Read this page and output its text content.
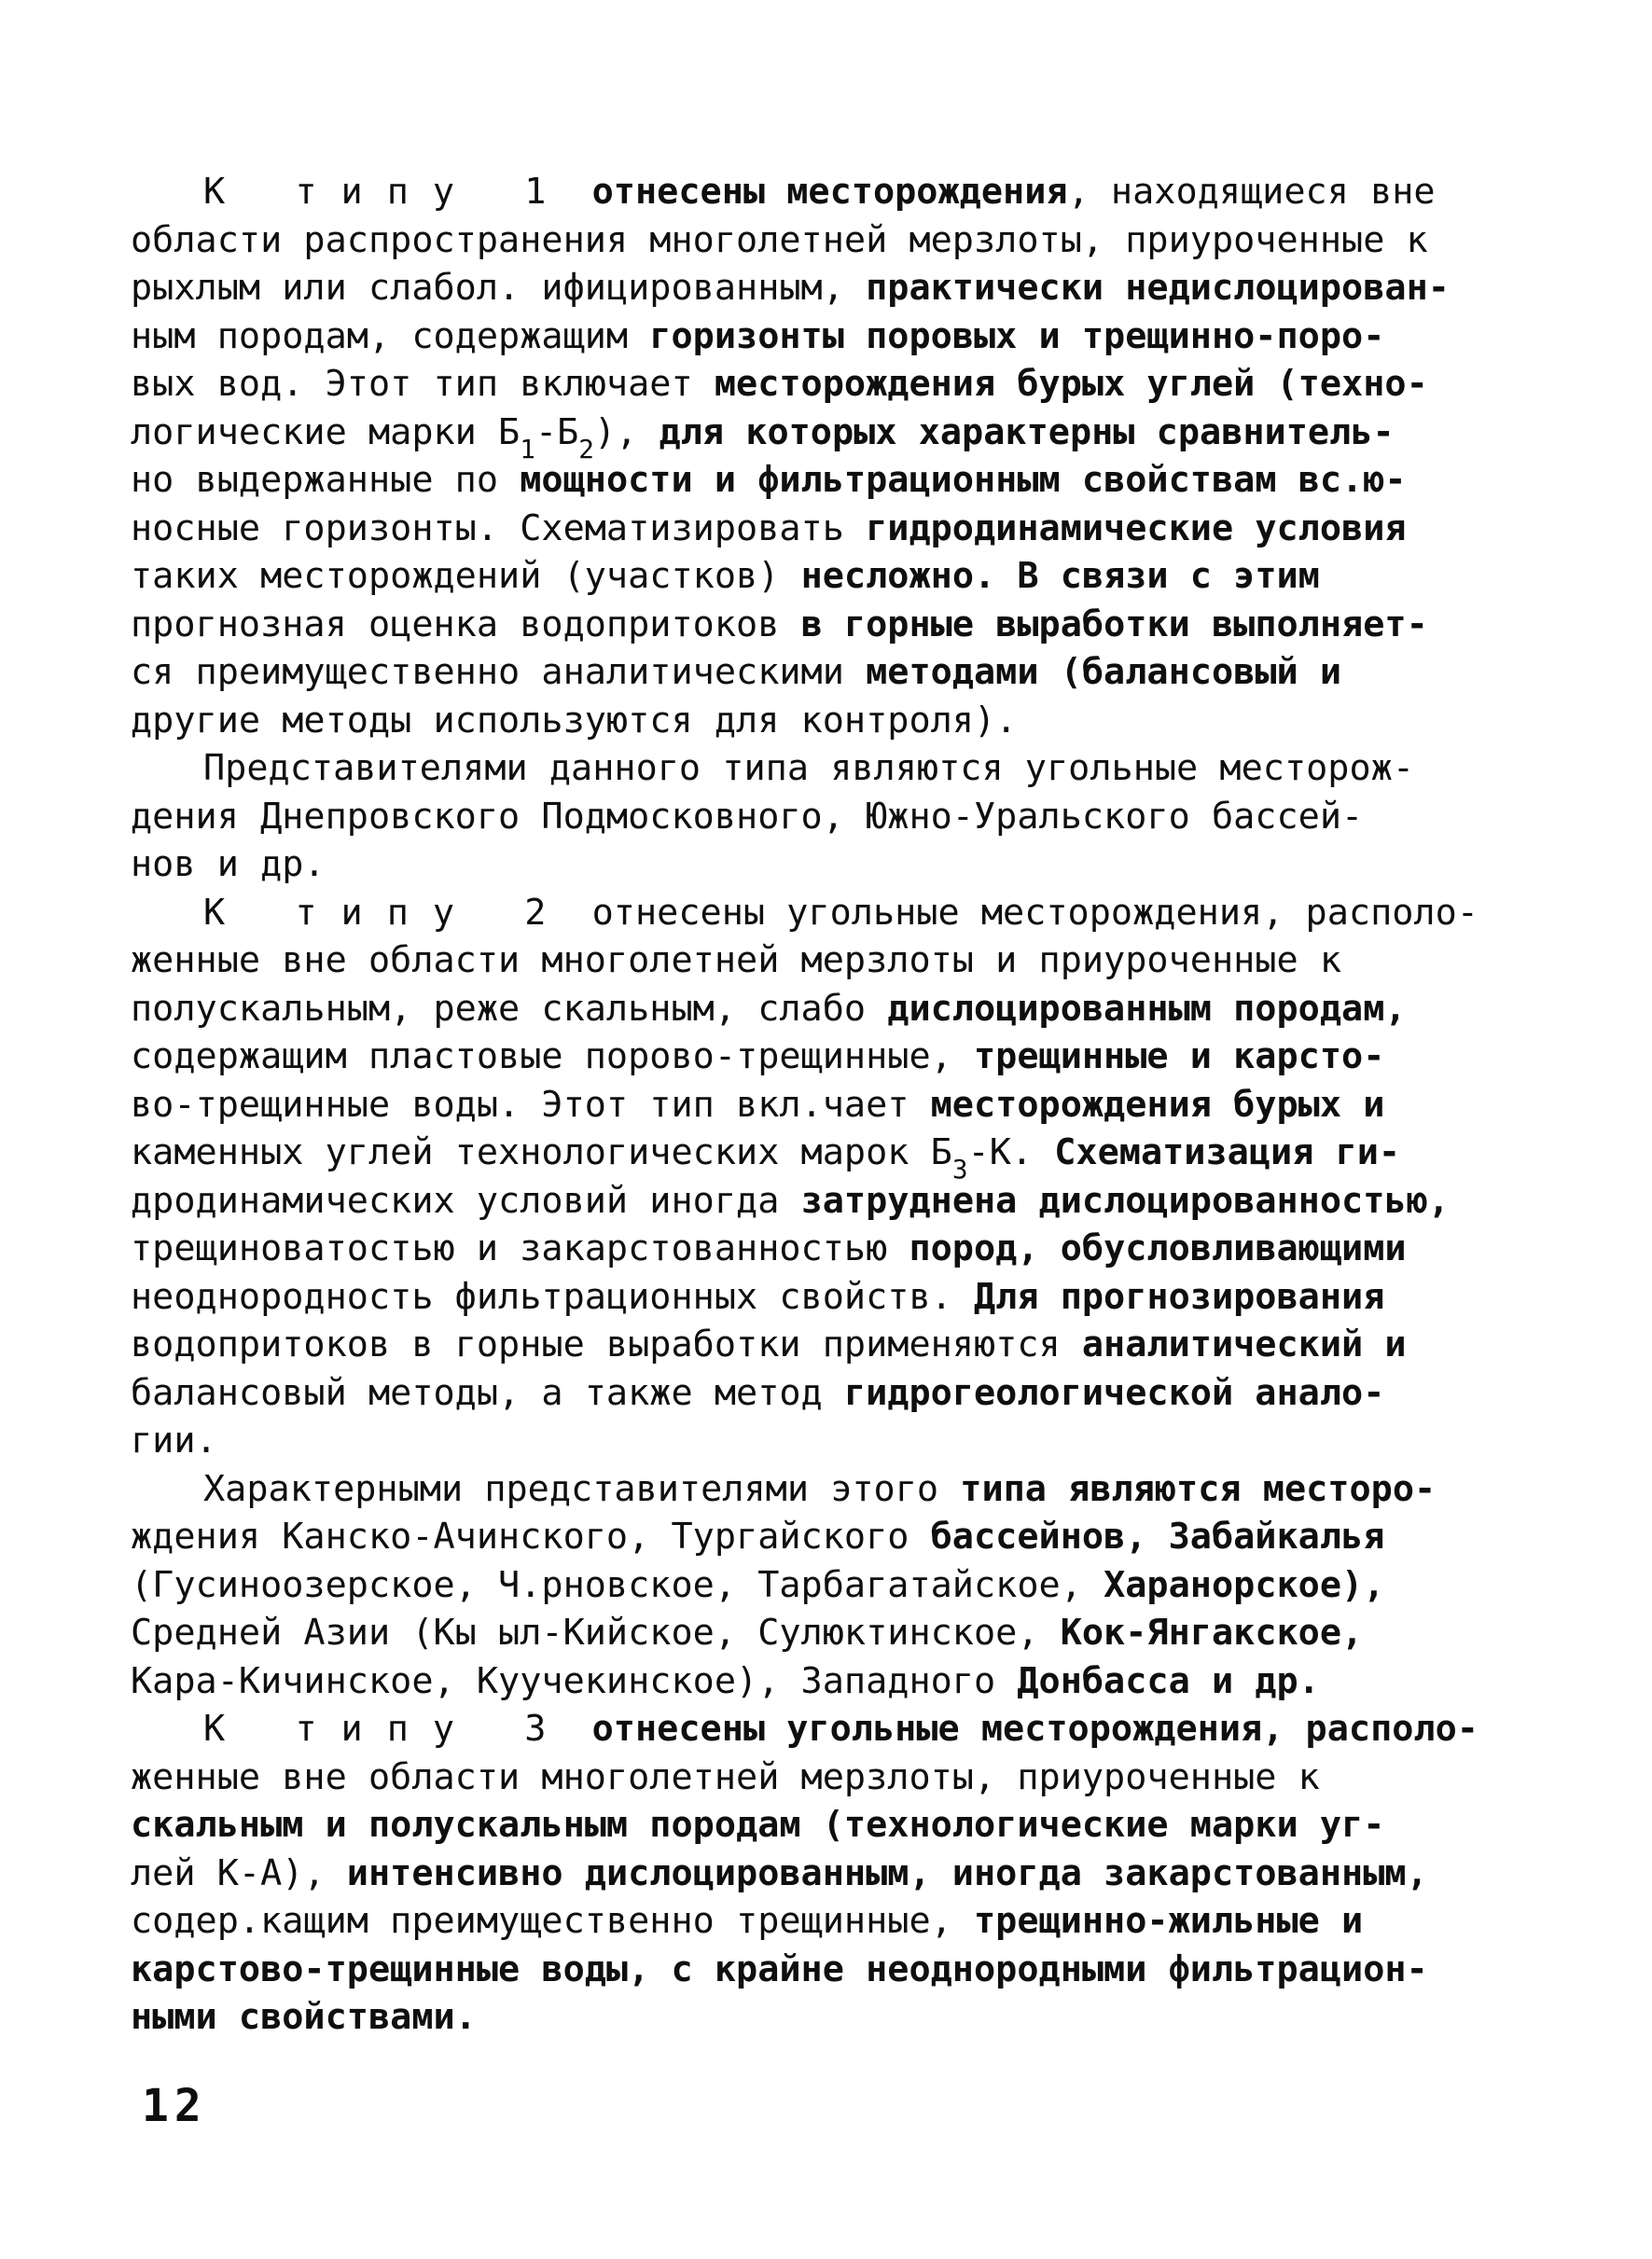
К типу 1 отнесены месторождения, находящиеся вне
области распространения многолетней мерзлоты, приуроченные к
рыхлым или слабол. ифицированным, практически недислоцирован-
ным породам, содержащим горизонты поровых и трещинно-поро-
вых вод. Этот тип включает месторождения бурых углей (техно-
логические марки $Б_1-Б_2$), для которых характерны сравнитель-
но выдержанные по мощности и фильтрационным свойствам вс.ю-
носные горизонты. Схематизировать гидродинамические условия
таких месторождений (участков) несложно. В связи с этим
прогнозная оценка водопритоков в горные выработки выполняет-
ся преимущественно аналитическими методами (балансовый и
другие методы используются для контроля).
Представителями данного типа являются угольные месторож-
дения Днепровского Подмосковного, Южно-Уральского бассей-
нов и др.
К типу 2 отнесены угольные месторождения, располо-
женные вне области многолетней мерзлоты и приуроченные к
полускальным, реже скальным, слабо дислоцированным породам,
содержащим пластовые порово-трещинные, трещинные и карсто-
во-трещинные воды. Этот тип вкл.чает месторождения бурых и
каменных углей технологических марок $Б_3-К$. Схематизация ги-
дродинамических условий иногда затруднена дислоцированностью,
трещиноватостью и закарстованностью пород, обусловливающими
неоднородность фильтрационных свойств. Для прогнозирования
водопритоков в горные выработки применяются аналитический и
балансовый методы, а также метод гидрогеологической анало-
гии.
Характерными представителями этого типа являются месторо-
ждения Канско-Ачинского, Тургайского бассейнов, Забайкалья
(Гусиноозерское, Ч.рновское, Тарбагатайское, Харанорское),
Средней Азии (Кы ыл-Кийское, Сулюктинское, Кок-Янгакское,
Кара-Кичинское, Куучекинское), Западного Донбасса и др.
К типу 3 отнесены угольные месторождения, располо-
женные вне области многолетней мерзлоты, приуроченные к
скальным и полускальным породам (технологические марки уг-
лей К-А), интенсивно дислоцированным, иногда закарстованным,
содер.кащим преимущественно трещинные, трещинно-жильные и
карстово-трещинные воды, с крайне неоднородными фильтрацион-
ными свойствами.
12
